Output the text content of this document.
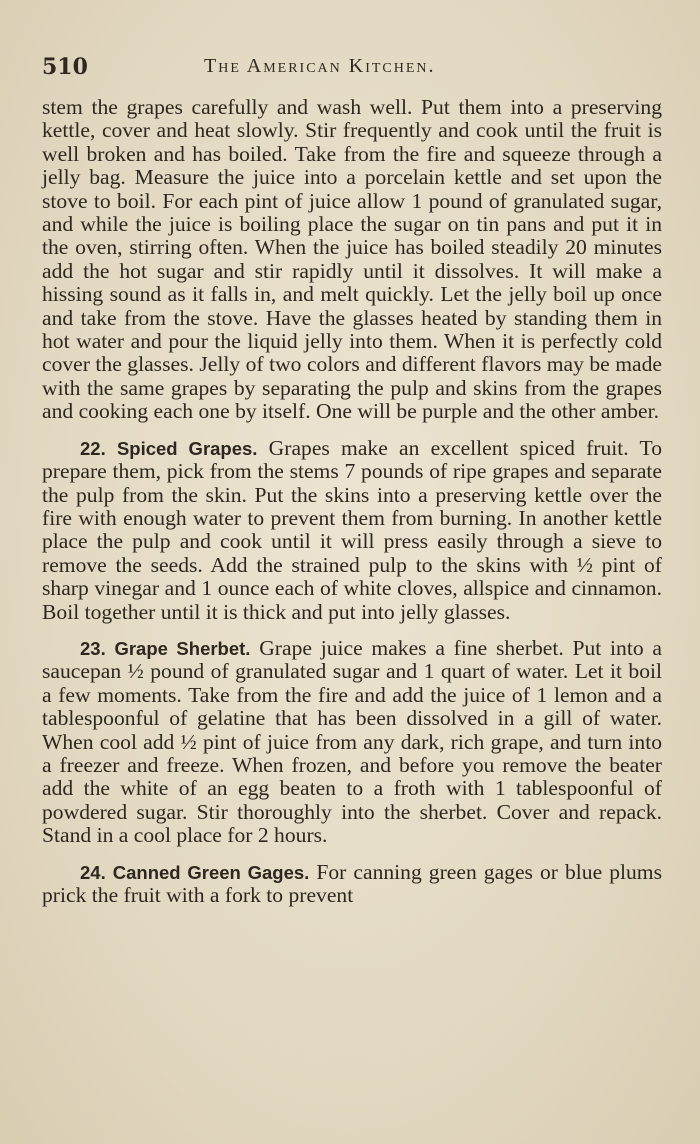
510	The American Kitchen.

stem the grapes carefully and wash well. Put them into a preserving kettle, cover and heat slowly. Stir frequently and cook until the fruit is well broken and has boiled. Take from the fire and squeeze through a jelly bag. Measure the juice into a porcelain kettle and set upon the stove to boil. For each pint of juice allow 1 pound of granulated sugar, and while the juice is boiling place the sugar on tin pans and put it in the oven, stirring often. When the juice has boiled steadily 20 minutes add the hot sugar and stir rapidly until it dissolves. It will make a hissing sound as it falls in, and melt quickly. Let the jelly boil up once and take from the stove. Have the glasses heated by standing them in hot water and pour the liquid jelly into them. When it is perfectly cold cover the glasses. Jelly of two colors and different flavors may be made with the same grapes by separating the pulp and skins from the grapes and cooking each one by itself. One will be purple and the other amber.

22. Spiced Grapes. Grapes make an excellent spiced fruit. To prepare them, pick from the stems 7 pounds of ripe grapes and separate the pulp from the skin. Put the skins into a preserving kettle over the fire with enough water to prevent them from burning. In another kettle place the pulp and cook until it will press easily through a sieve to remove the seeds. Add the strained pulp to the skins with ½ pint of sharp vinegar and 1 ounce each of white cloves, allspice and cinnamon. Boil together until it is thick and put into jelly glasses.

23. Grape Sherbet. Grape juice makes a fine sherbet. Put into a saucepan ½ pound of granulated sugar and 1 quart of water. Let it boil a few moments. Take from the fire and add the juice of 1 lemon and a tablespoonful of gelatine that has been dissolved in a gill of water. When cool add ½ pint of juice from any dark, rich grape, and turn into a freezer and freeze. When frozen, and before you remove the beater add the white of an egg beaten to a froth with 1 tablespoonful of powdered sugar. Stir thoroughly into the sherbet. Cover and repack. Stand in a cool place for 2 hours.

24. Canned Green Gages. For canning green gages or blue plums prick the fruit with a fork to prevent
